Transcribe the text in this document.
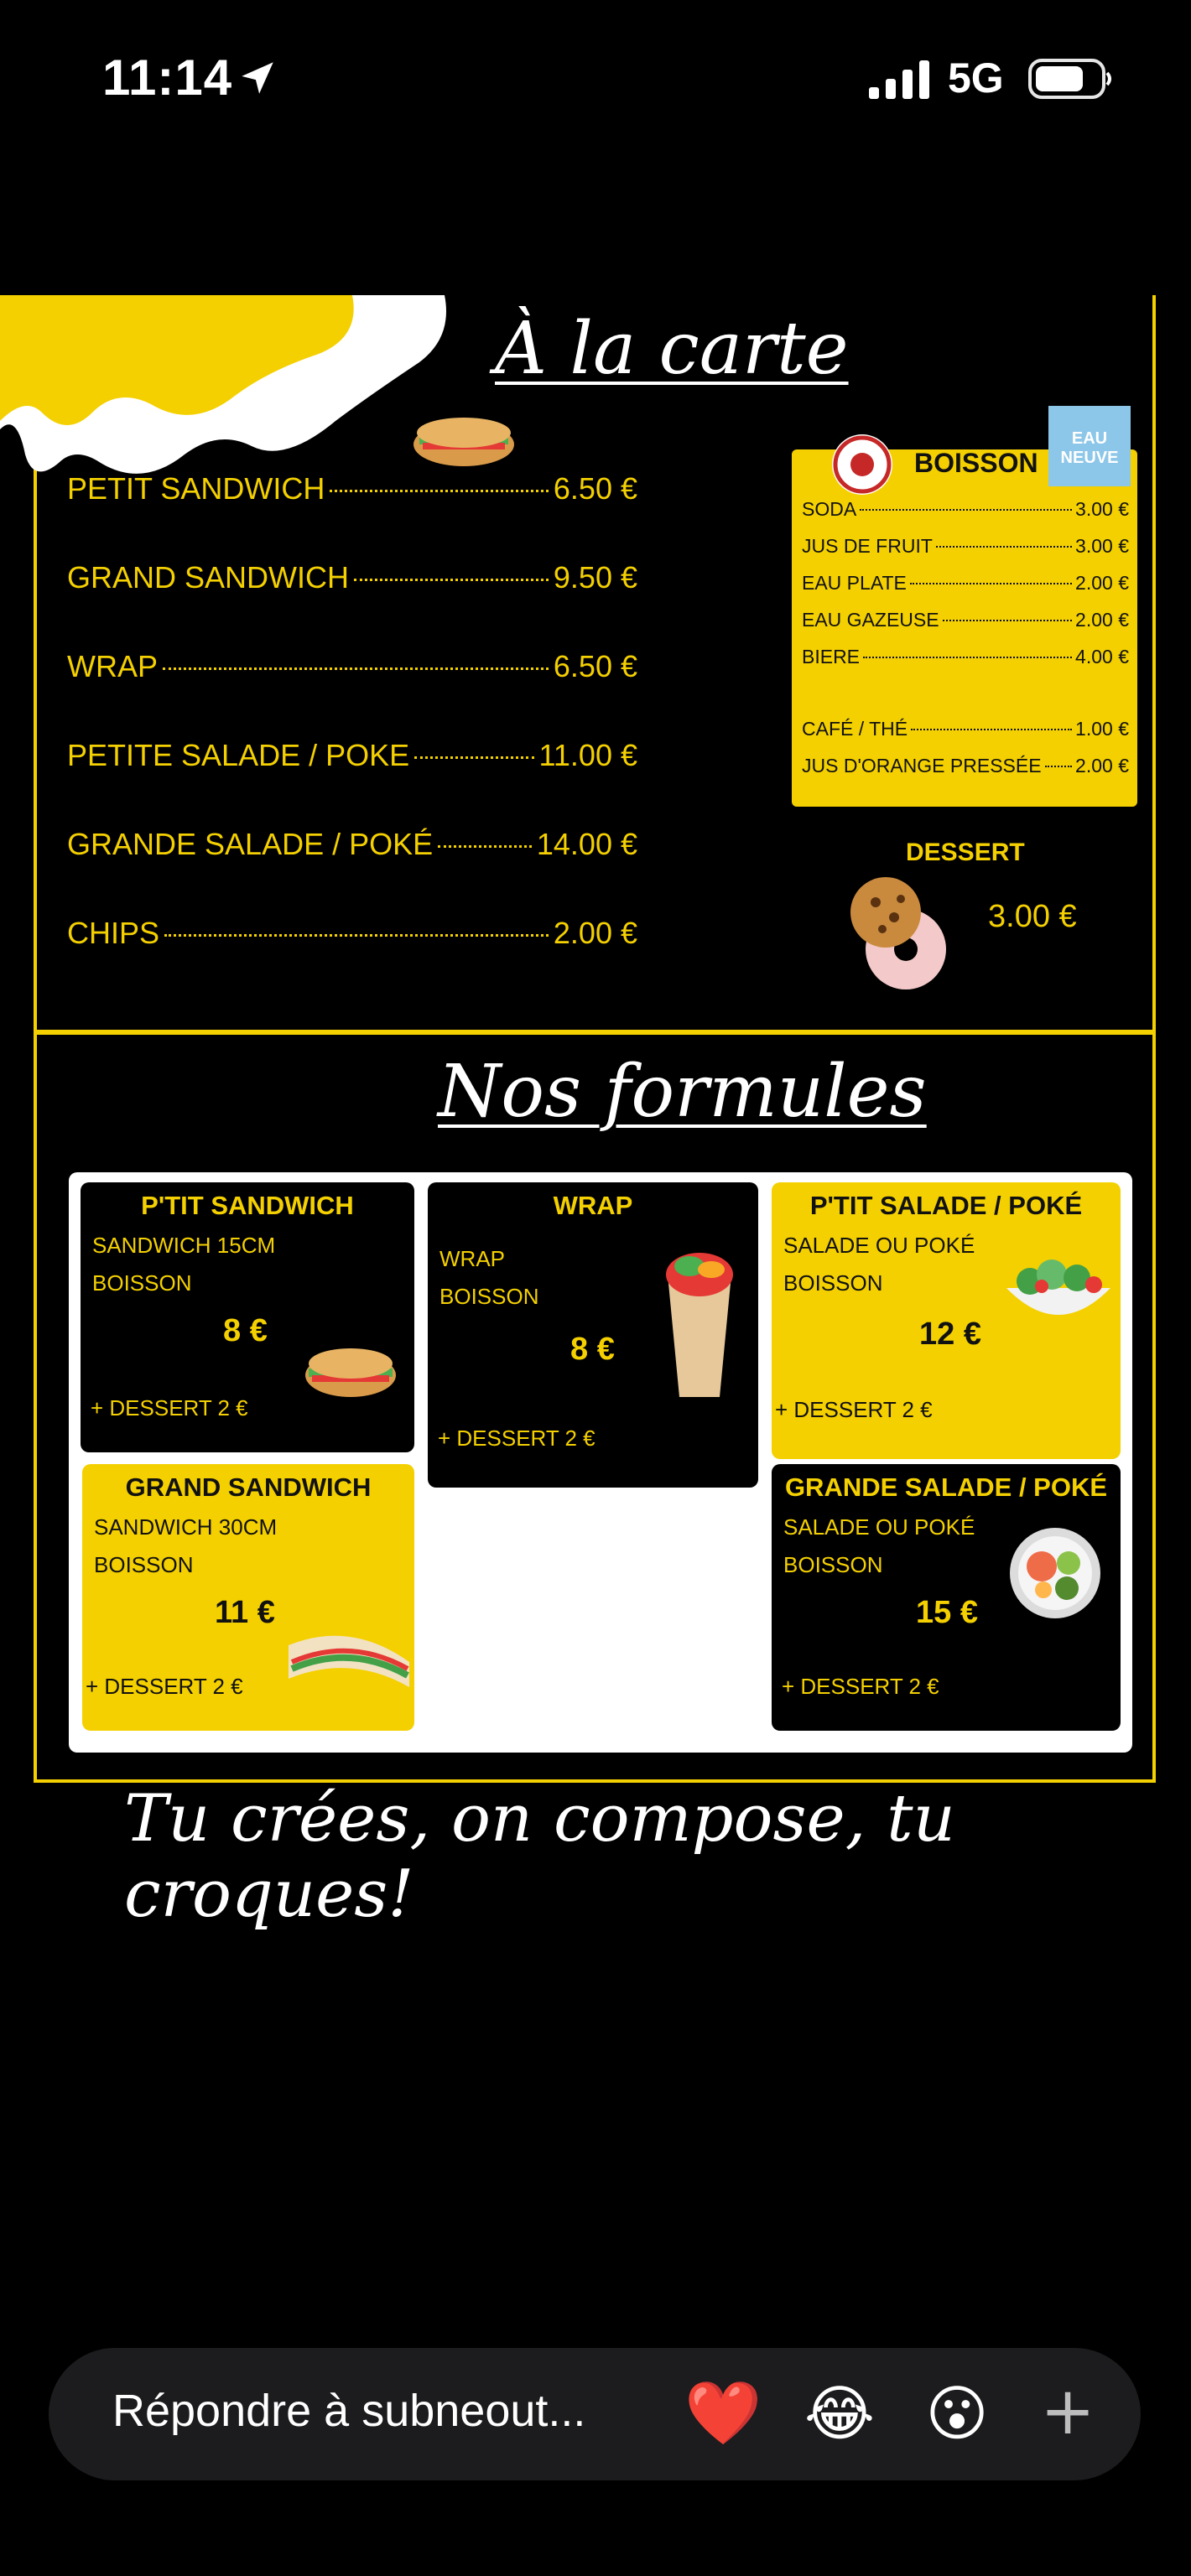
11:14	5G
À la carte
PETIT SANDWICH	6.50 €
GRAND SANDWICH	9.50 €
WRAP	6.50 €
PETITE SALADE / POKE	11.00 €
GRANDE SALADE / POKÉ	14.00 €
CHIPS	2.00 €
EAU NEUVE
BOISSON
SODA	3.00 €
JUS DE FRUIT	3.00 €
EAU PLATE	2.00 €
EAU GAZEUSE	2.00 €
BIERE	4.00 €
CAFÉ / THÉ	1.00 €
JUS D'ORANGE PRESSÉE 2.00 €
DESSERT
3.00 €
Nos formules
P'TIT SANDWICH
SANDWICH 15CM
BOISSON
8 €
+ DESSERT 2 €
WRAP
WRAP
BOISSON
8 €
+ DESSERT 2 €
P'TIT SALADE / POKÉ
SALADE OU POKÉ
BOISSON
12 €
+ DESSERT 2 €
GRAND SANDWICH
SANDWICH 30CM
BOISSON
11 €
+ DESSERT 2 €
GRANDE SALADE / POKÉ
SALADE OU POKÉ
BOISSON
15 €
+ DESSERT 2 €
Tu crées, on compose, tu croques!
Répondre à subneout... ❤️ 😂 😮 +
